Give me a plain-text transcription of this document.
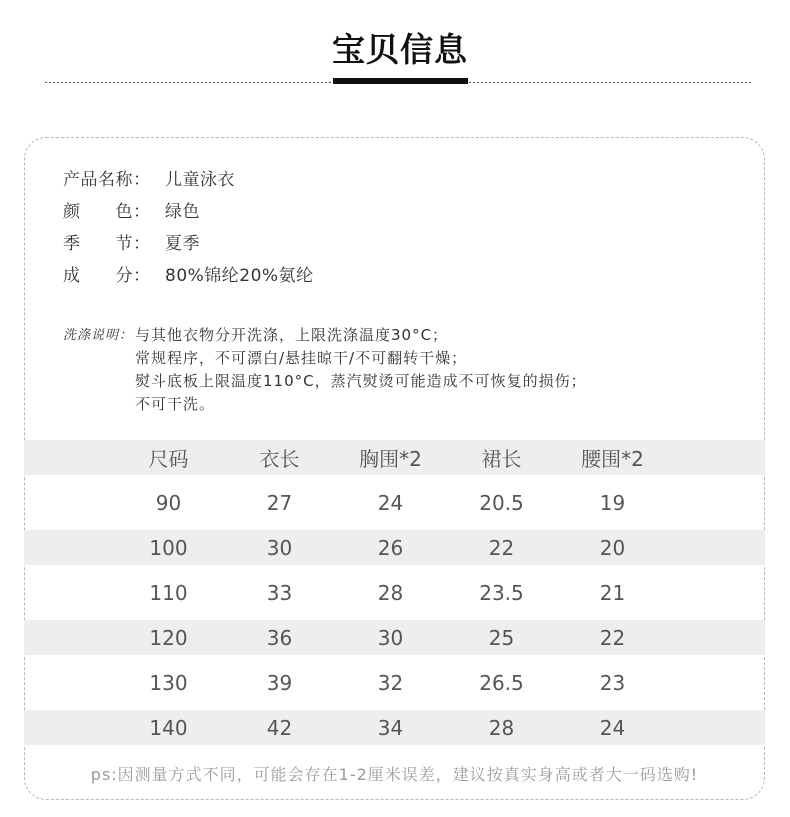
宝贝信息
产品名称： 儿童泳衣
颜　　色： 绿色
季　　节： 夏季
成　　分： 80%锦纶20%氨纶
洗涤说明： 与其他衣物分开洗涤，上限洗涤温度30°C；
常规程序，不可漂白/悬挂晾干/不可翻转干燥；
熨斗底板上限温度110°C，蒸汽熨烫可能造成不可恢复的损伤；
不可干洗。
尺码	衣长	胸围*2	裙长	腰围*2
90	27	24	20.5	19
100	30	26	22	20
110	33	28	23.5	21
120	36	30	25	22
130	39	32	26.5	23
140	42	34	28	24
ps:因测量方式不同，可能会存在1-2厘米误差，建议按真实身高或者大一码选购!
